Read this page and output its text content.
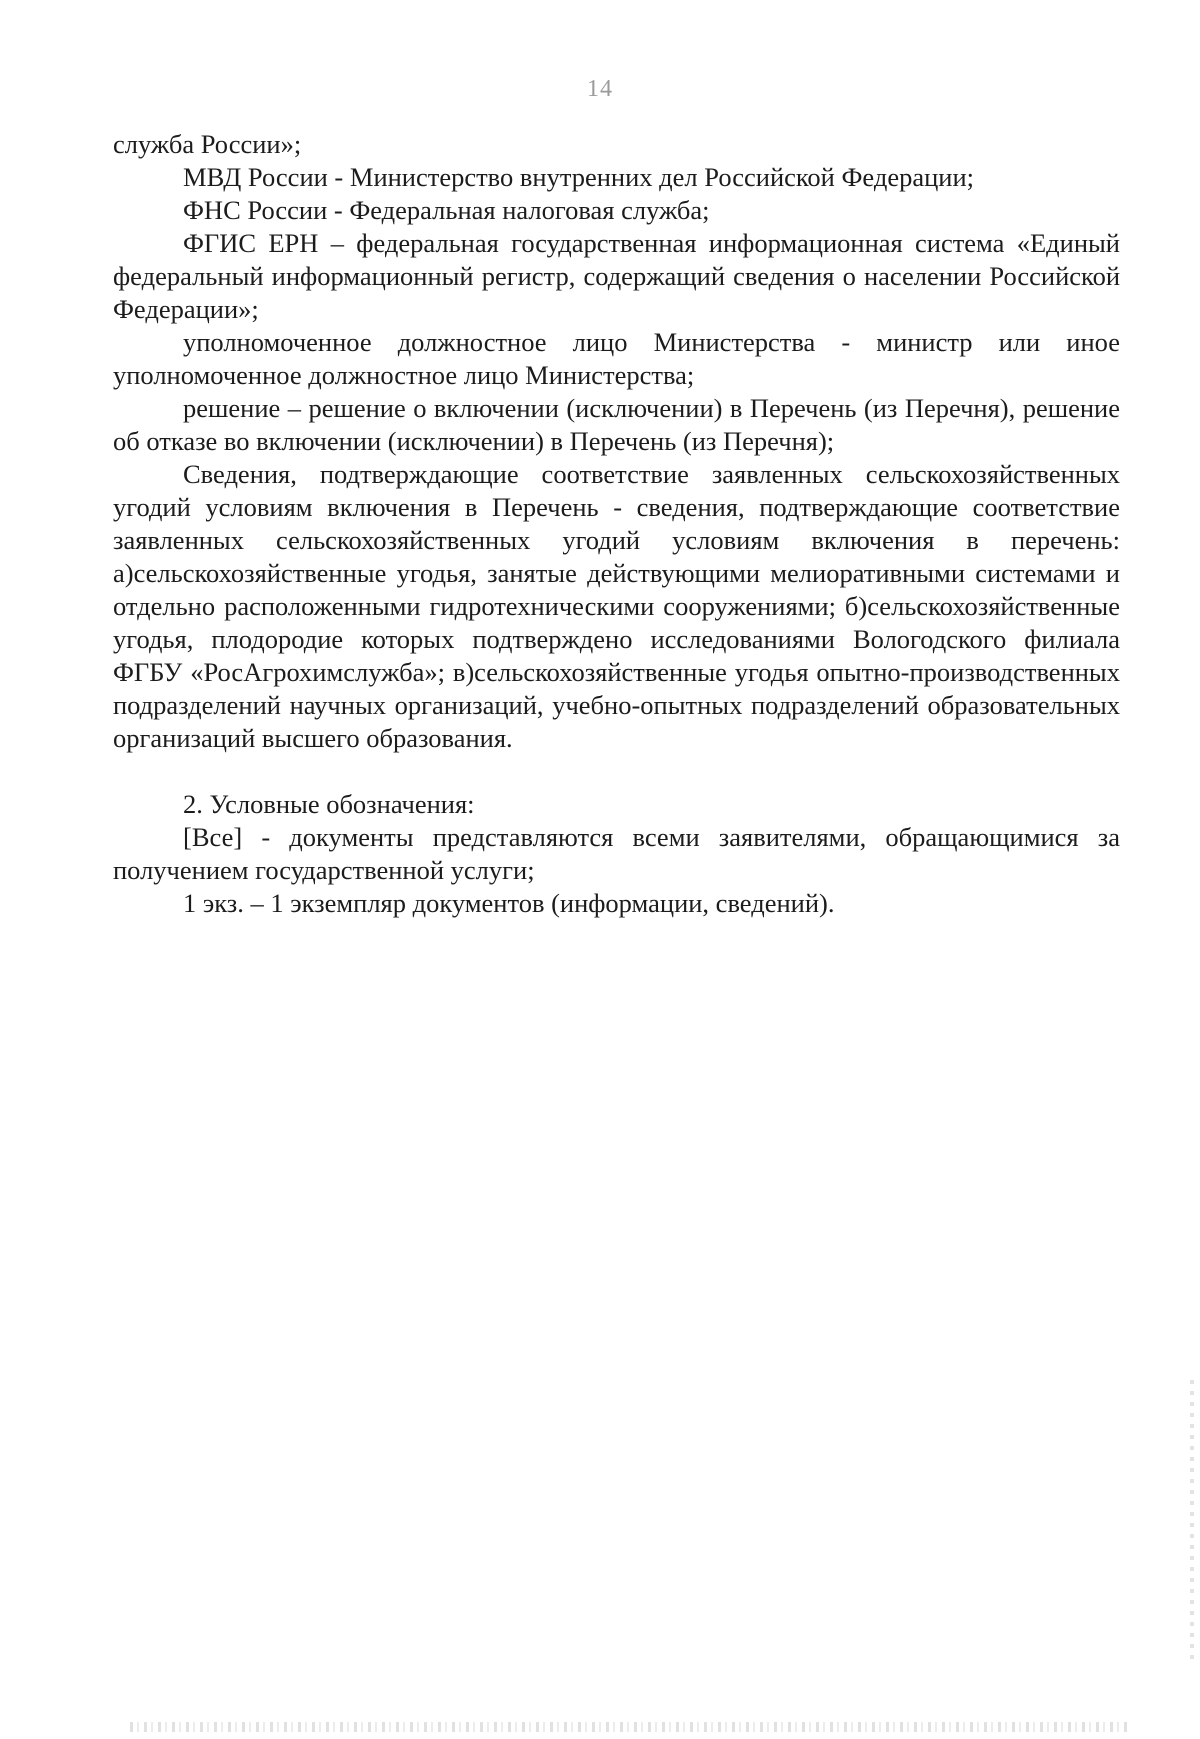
14

служба России»;

МВД России - Министерство внутренних дел Российской Федерации;

ФНС России - Федеральная налоговая служба;

ФГИС ЕРН – федеральная государственная информационная система «Единый федеральный информационный регистр, содержащий сведения о населении Российской Федерации»;

уполномоченное должностное лицо Министерства - министр или иное уполномоченное должностное лицо Министерства;

решение – решение о включении (исключении) в Перечень (из Перечня), решение об отказе во включении (исключении) в Перечень (из Перечня);

Сведения, подтверждающие соответствие заявленных сельскохозяйственных угодий условиям включения в Перечень - сведения, подтверждающие соответствие заявленных сельскохозяйственных угодий условиям включения в перечень: а)сельскохозяйственные угодья, занятые действующими мелиоративными системами и отдельно расположенными гидротехническими сооружениями; б)сельскохозяйственные угодья, плодородие которых подтверждено исследованиями Вологодского филиала ФГБУ «РосАгрохимслужба»; в)сельскохозяйственные угодья опытно-производственных подразделений научных организаций, учебно-опытных подразделений образовательных организаций высшего образования.

2. Условные обозначения:

[Все] - документы представляются всеми заявителями, обращающимися за получением государственной услуги;

1 экз. – 1 экземпляр документов (информации, сведений).
